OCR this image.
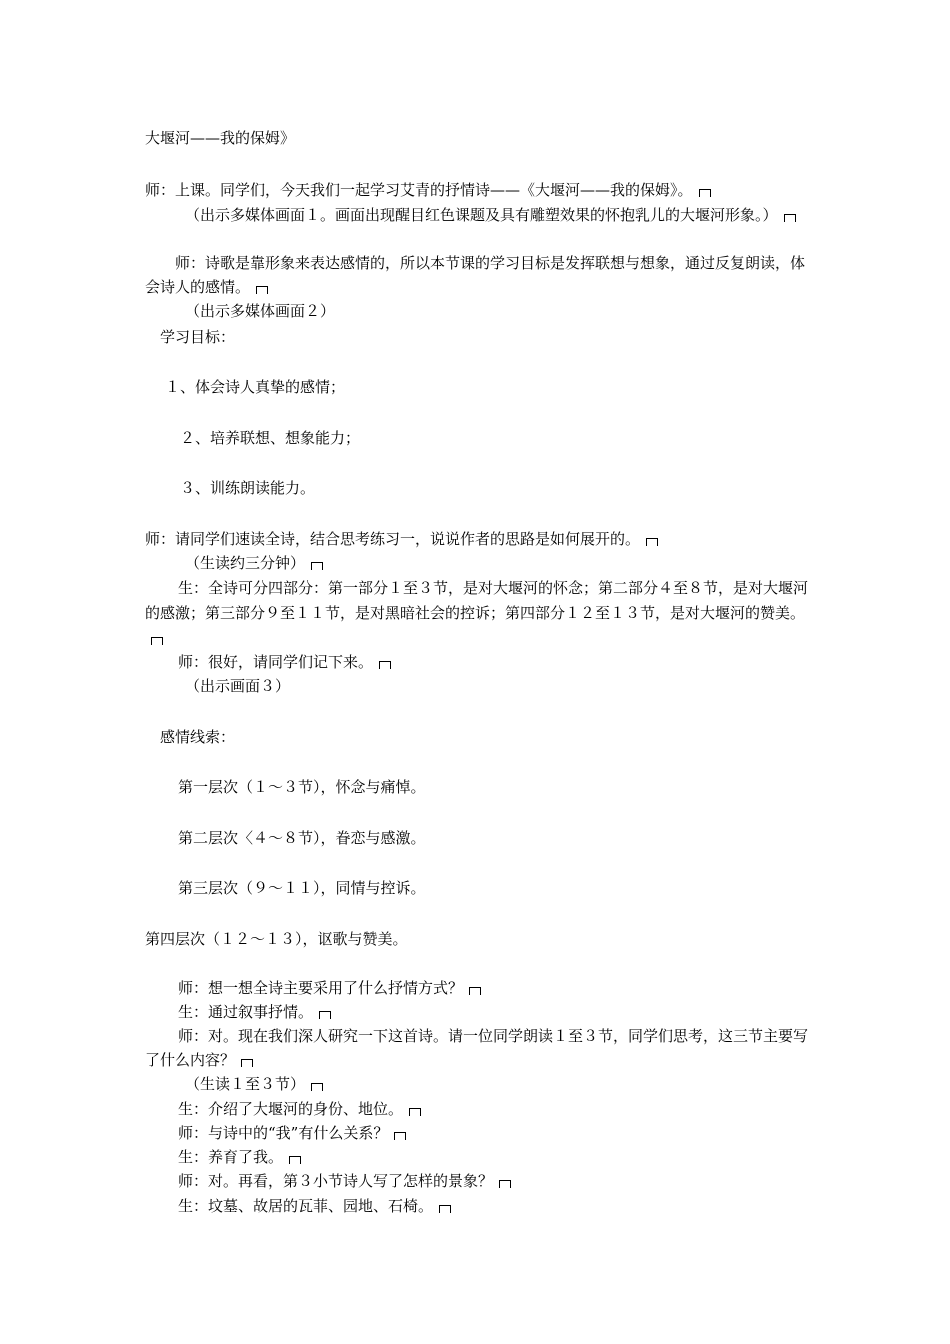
大堰河——我的保姆》

师：上课。同学们，今天我们一起学习艾青的抒情诗——《大堰河——我的保姆》。

（出示多媒体画面１。画面出现醒目红色课题及具有雕塑效果的怀抱乳儿的大堰河形象。）

师：诗歌是靠形象来表达感情的，所以本节课的学习目标是发挥联想与想象，通过反复朗读，体会诗人的感情。

（出示多媒体画面２）

学习目标：

１、体会诗人真挚的感情；

２、培养联想、想象能力；

３、训练朗读能力。

师：请同学们速读全诗，结合思考练习一，说说作者的思路是如何展开的。

（生读约三分钟）

生：全诗可分四部分：第一部分１至３节，是对大堰河的怀念；第二部分４至８节，是对大堰河的感激；第三部分９至１１节，是对黑暗社会的控诉；第四部分１２至１３节，是对大堰河的赞美。

师：很好，请同学们记下来。

（出示画面３）

感情线索：

第一层次（１～３节），怀念与痛悼。

第二层次〈４～８节），眷恋与感激。

第三层次（９～１１），同情与控诉。

第四层次（１２～１３），讴歌与赞美。

师：想一想全诗主要采用了什么抒情方式？

生：通过叙事抒情。

师：对。现在我们深人研究一下这首诗。请一位同学朗读１至３节，同学们思考，这三节主要写了什么内容？

（生读１至３节）

生：介绍了大堰河的身份、地位。

师：与诗中的“我”有什么关系？

生：养育了我。

师：对。再看，第３小节诗人写了怎样的景象？

生：坟墓、故居的瓦菲、园地、石椅。
